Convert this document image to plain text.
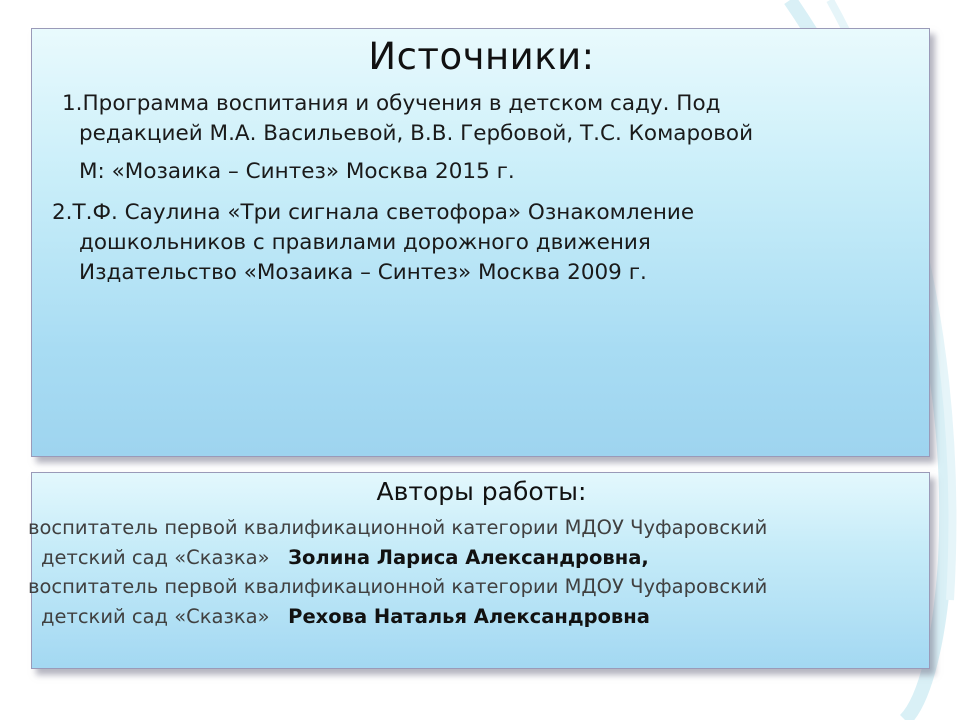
Источники:
1.Программа воспитания и обучения в детском саду. Под
редакцией М.А. Васильевой, В.В. Гербовой, Т.С. Комаровой
М: «Мозаика – Синтез» Москва 2015 г.
2.Т.Ф. Саулина «Три сигнала светофора» Ознакомление
дошкольников с правилами дорожного движения
Издательство «Мозаика – Синтез» Москва 2009 г.
Авторы работы:
воспитатель первой квалификационной категории МДОУ Чуфаровский
детский сад «Сказка» Золина Лариса Александровна,
воспитатель первой квалификационной категории МДОУ Чуфаровский
детский сад «Сказка» Рехова Наталья Александровна
